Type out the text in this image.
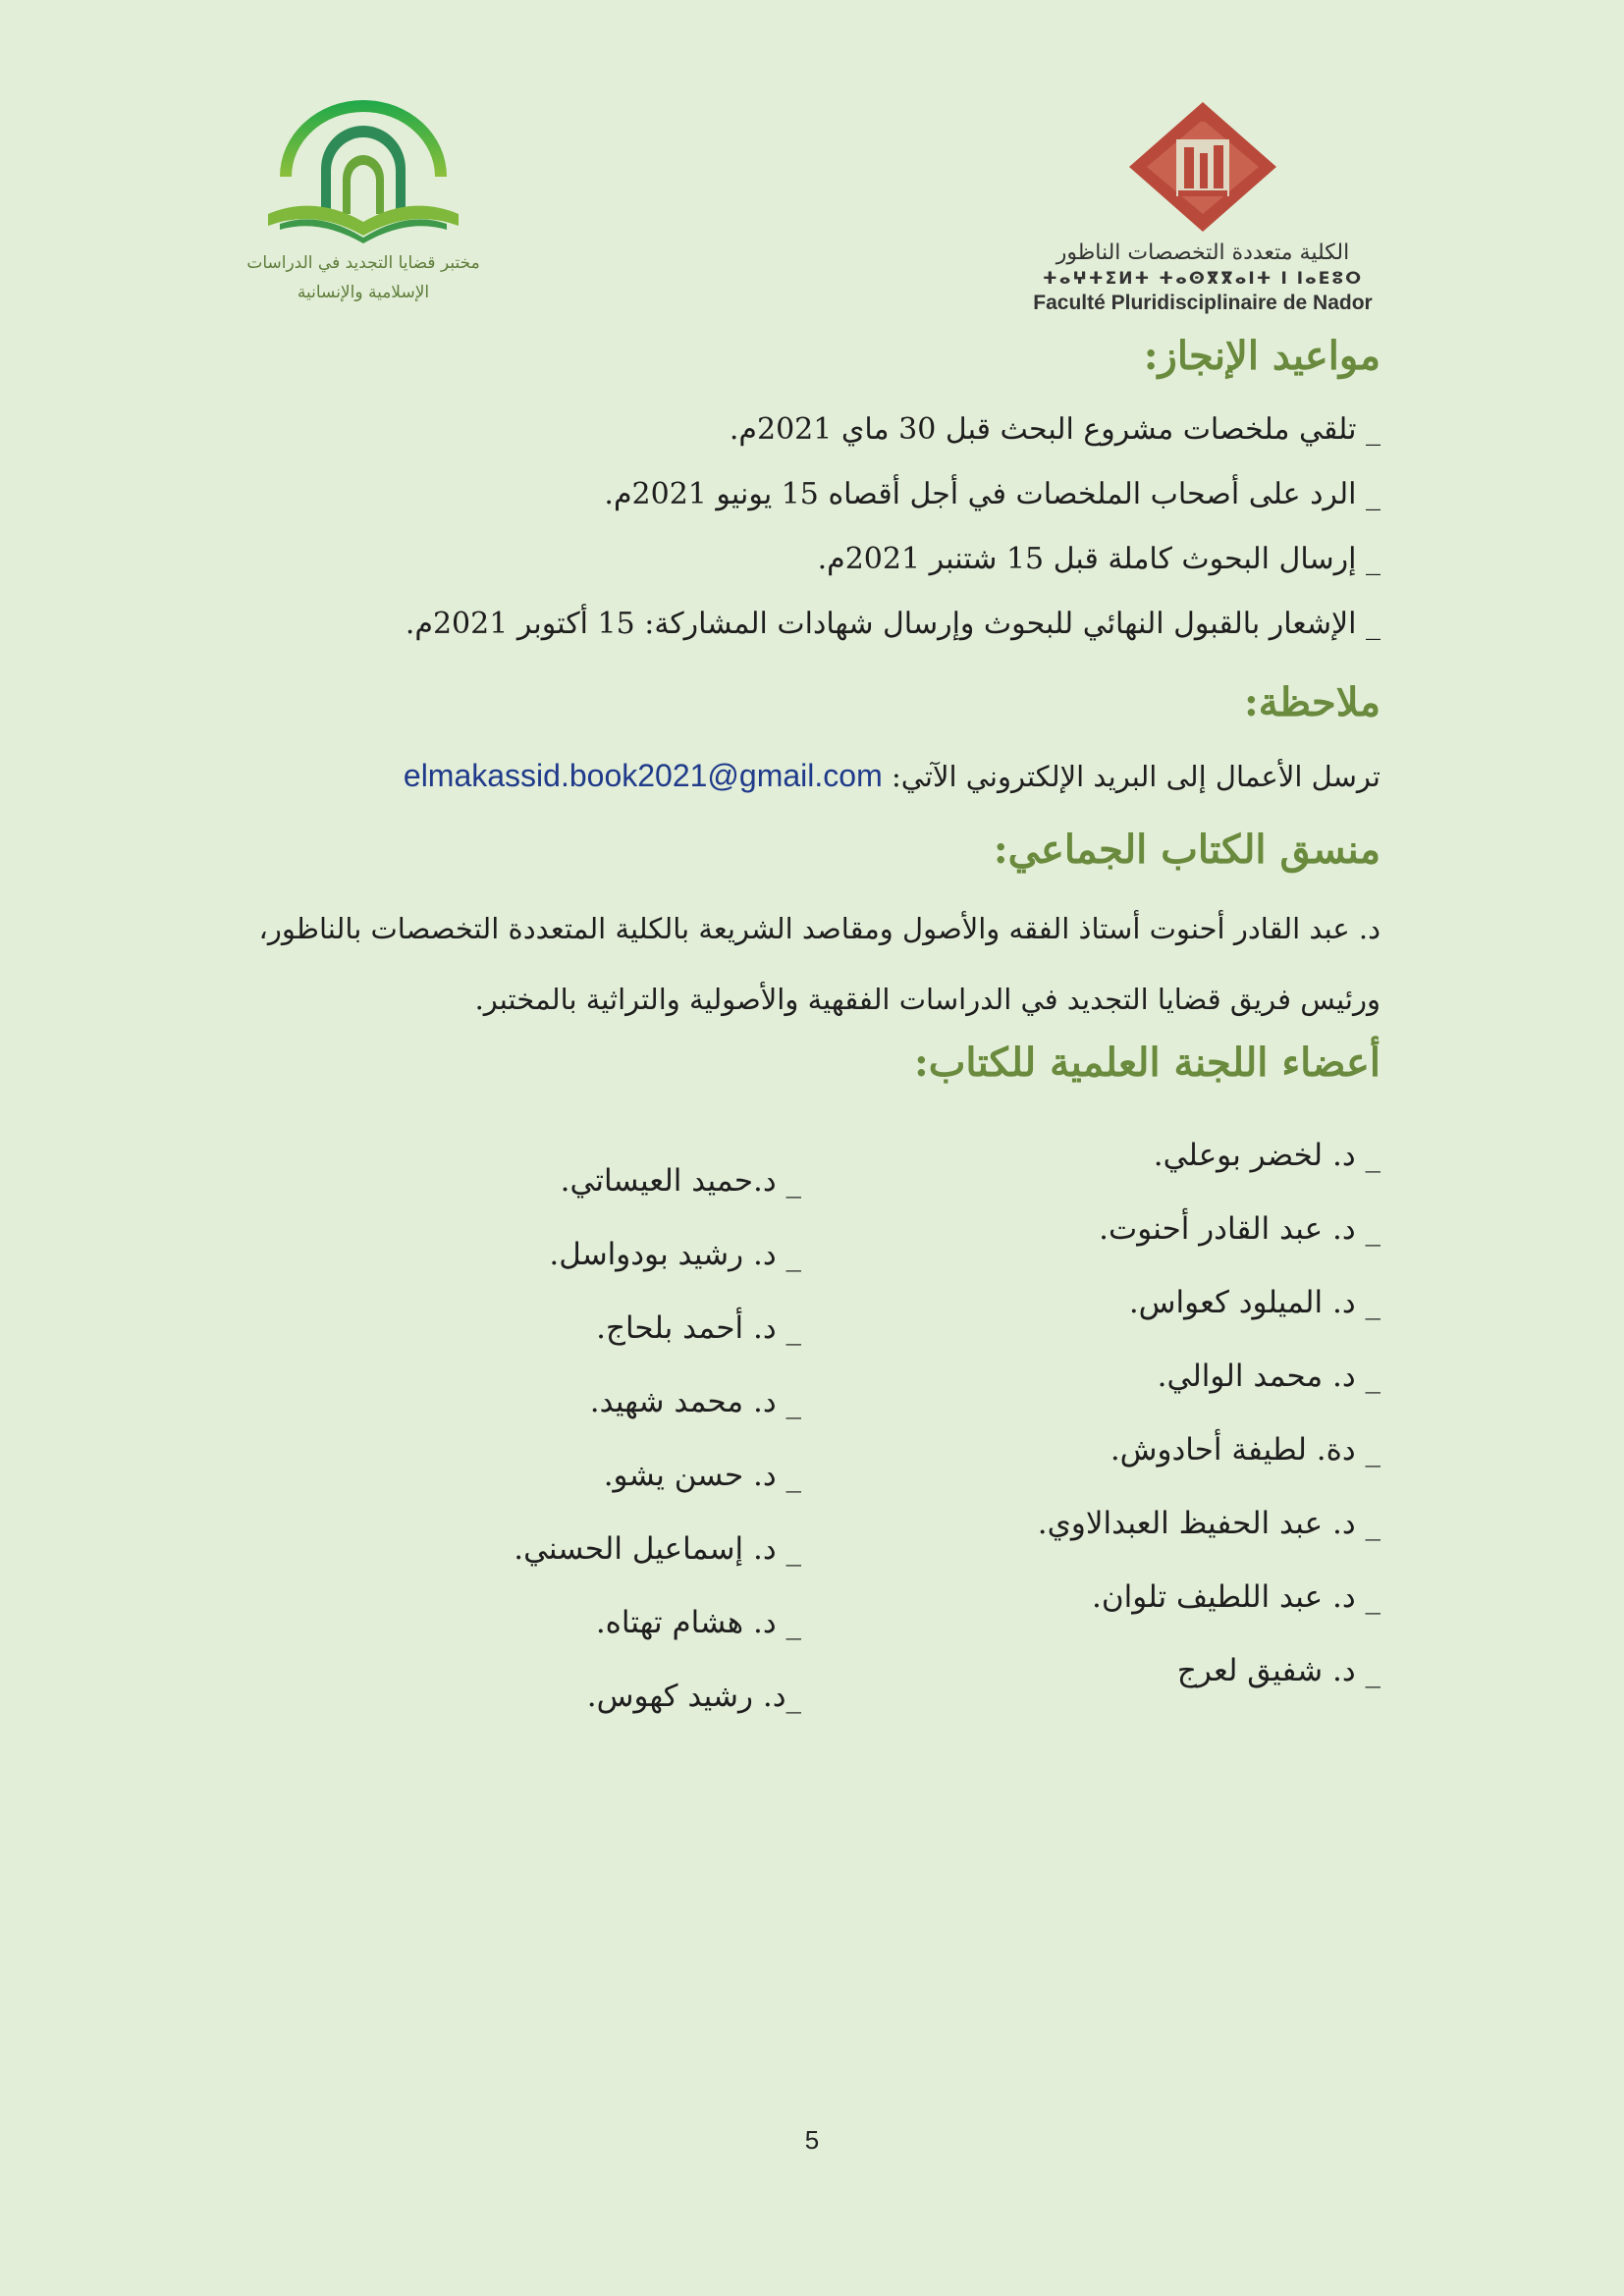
الكلية متعددة التخصصات الناظور
ⵜⴰⵖⵜⵉⵍⵜ ⵜⴰⵙⴳⴳⴰⵏⵜ ⵏ ⵏⴰⴹⵓⵔ
Faculté Pluridisciplinaire de Nador
مختبر قضايا التجديد في الدراسات
الإسلامية والإنسانية
مواعيد الإنجاز:
_ تلقي ملخصات مشروع البحث قبل 30 ماي 2021م.
_ الرد على أصحاب الملخصات في أجل أقصاه 15 يونيو 2021م.
_ إرسال البحوث كاملة قبل 15 شتنبر 2021م.
_ الإشعار بالقبول النهائي للبحوث وإرسال شهادات المشاركة: 15 أكتوبر 2021م.
ملاحظة:
ترسل الأعمال إلى البريد الإلكتروني الآتي: elmakassid.book2021@gmail.com
منسق الكتاب الجماعي:
د. عبد القادر أحنوت أستاذ الفقه والأصول ومقاصد الشريعة بالكلية المتعددة التخصصات بالناظور،
ورئيس فريق قضايا التجديد في الدراسات الفقهية والأصولية والتراثية بالمختبر.
أعضاء اللجنة العلمية للكتاب:
_ د. لخضر بوعلي.
_ د. عبد القادر أحنوت.
_ د. الميلود كعواس.
_ د. محمد الوالي.
_ دة. لطيفة أحادوش.
_ د. عبد الحفيظ العبدالاوي.
_ د. عبد اللطيف تلوان.
_ د. شفيق لعرج
_ د.حميد العيساتي.
_ د. رشيد بودواسل.
_ د. أحمد بلحاج.
_ د. محمد شهيد.
_ د. حسن يشو.
_ د. إسماعيل الحسني.
_ د. هشام تهتاه.
_د. رشيد كهوس.
5
